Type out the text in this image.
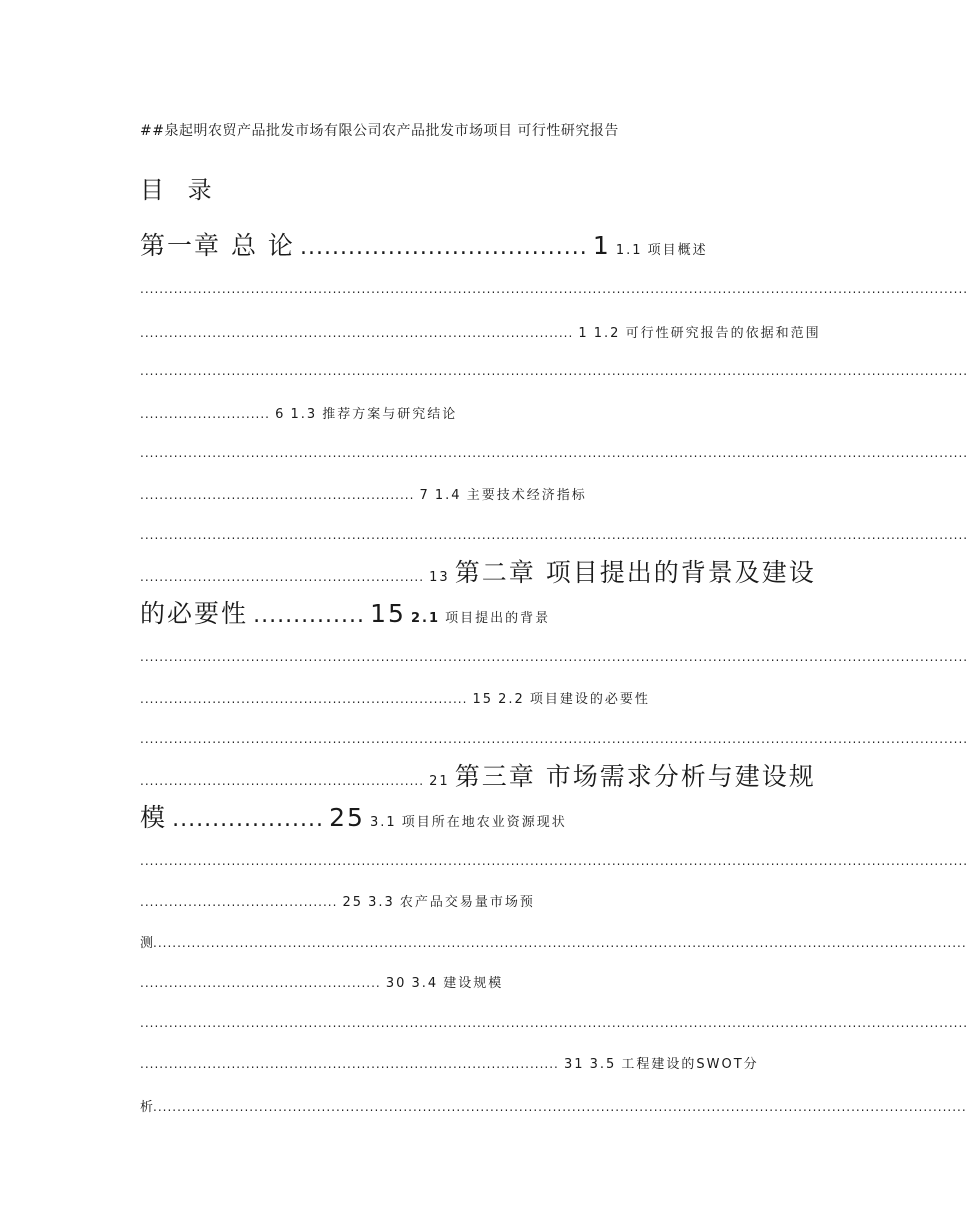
##泉起明农贸产品批发市场有限公司农产品批发市场项目 可行性研究报告
目 录
第一章 总 论 .................................... 1 1.1 项目概述
............................................................................................................................................................................
.......................................................................................... 1 1.2 可行性研究报告的依据和范围
............................................................................................................................................................................
........................... 6 1.3 推荐方案与研究结论
............................................................................................................................................................................
......................................................... 7 1.4 主要技术经济指标
............................................................................................................................................................................
........................................................... 13 第二章 项目提出的背景及建设
的必要性 .............. 15 2.1 项目提出的背景
............................................................................................................................................................................
.................................................................... 15 2.2 项目建设的必要性
............................................................................................................................................................................
........................................................... 21 第三章 市场需求分析与建设规
模 ................... 25 3.1 项目所在地农业资源现状
............................................................................................................................................................................
......................................... 25 3.3 农产品交易量市场预
测.........................................................................................................................................................................
.................................................. 30 3.4 建设规模
............................................................................................................................................................................
....................................................................................... 31 3.5 工程建设的SWOT分
析.........................................................................................................................................................................
